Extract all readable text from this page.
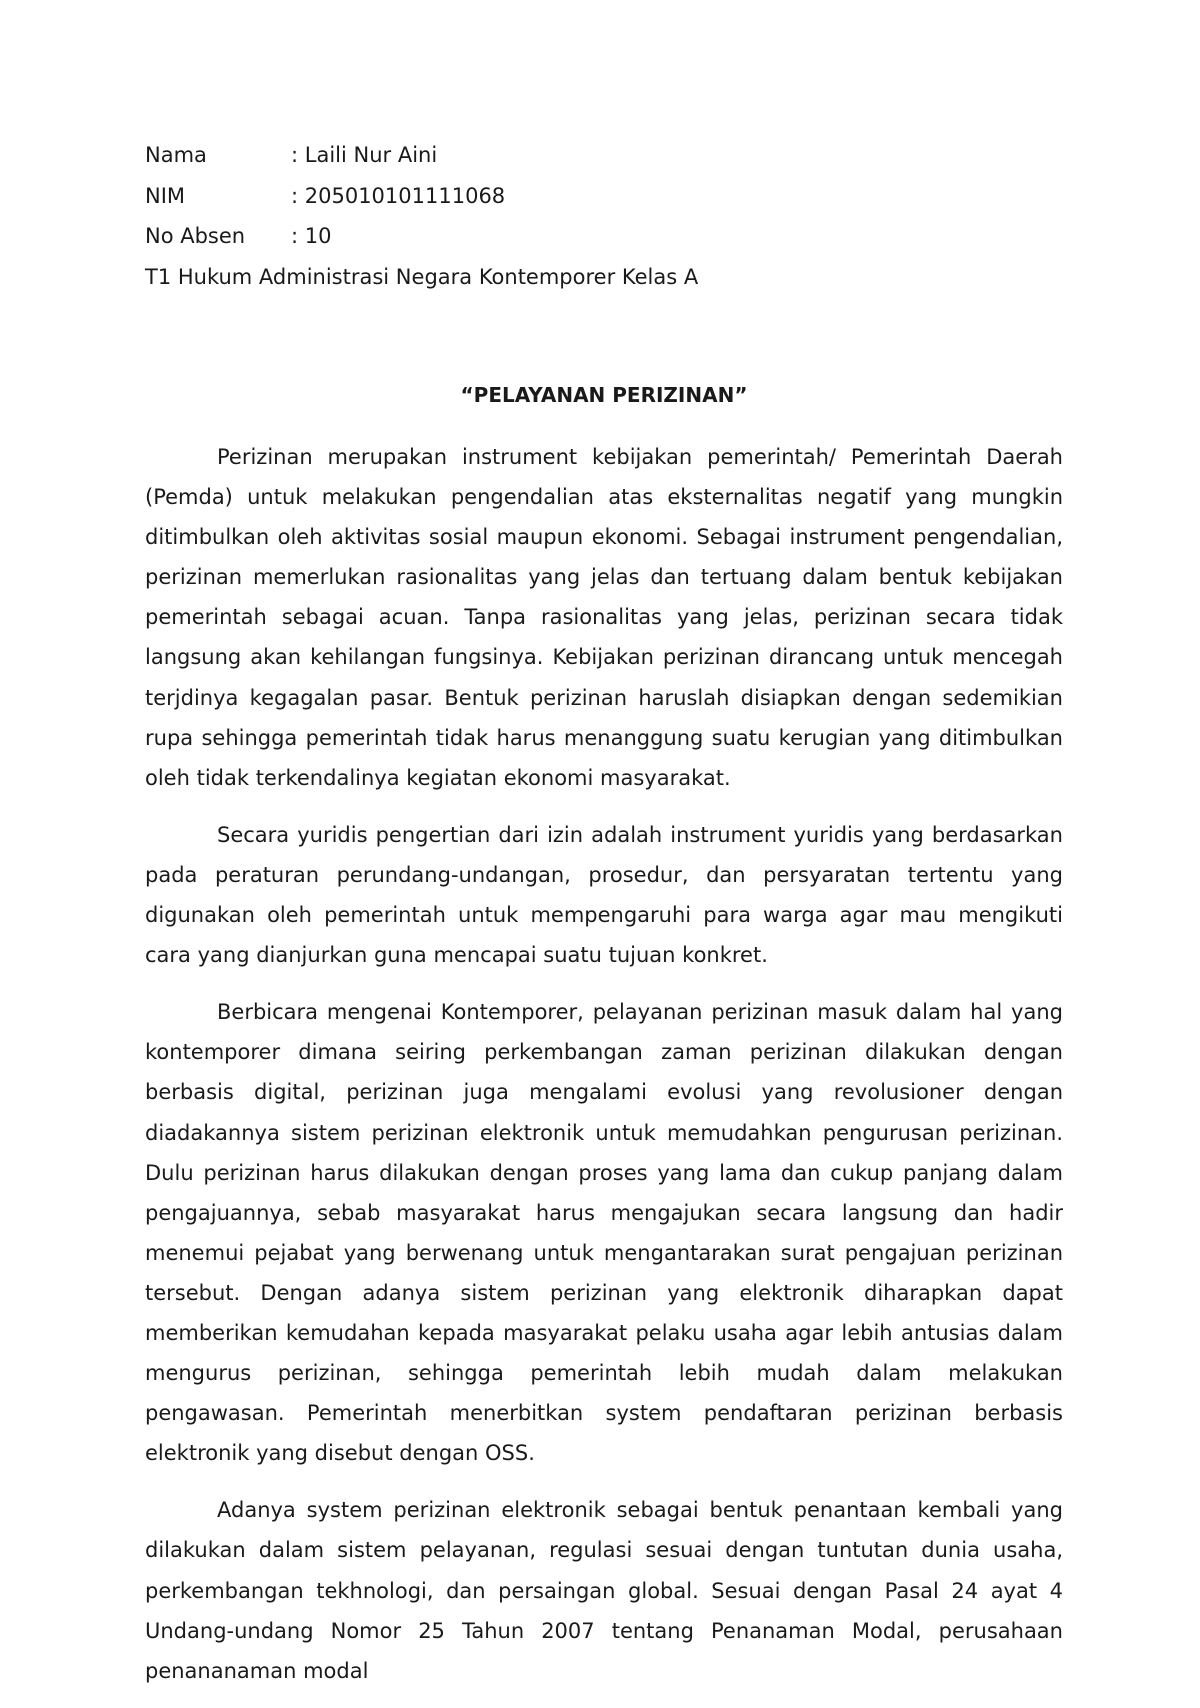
Nama	: Laili Nur Aini
NIM	: 205010101111068
No Absen	: 10
T1 Hukum Administrasi Negara Kontemporer Kelas A
“PELAYANAN PERIZINAN”

Perizinan merupakan instrument kebijakan pemerintah/ Pemerintah Daerah (Pemda) untuk melakukan pengendalian atas eksternalitas negatif yang mungkin ditimbulkan oleh aktivitas sosial maupun ekonomi. Sebagai instrument pengendalian, perizinan memerlukan rasionalitas yang jelas dan tertuang dalam bentuk kebijakan pemerintah sebagai acuan. Tanpa rasionalitas yang jelas, perizinan secara tidak langsung akan kehilangan fungsinya. Kebijakan perizinan dirancang untuk mencegah terjdinya kegagalan pasar. Bentuk perizinan haruslah disiapkan dengan sedemikian rupa sehingga pemerintah tidak harus menanggung suatu kerugian yang ditimbulkan oleh tidak terkendalinya kegiatan ekonomi masyarakat.

Secara yuridis pengertian dari izin adalah instrument yuridis yang berdasarkan pada peraturan perundang-undangan, prosedur, dan persyaratan tertentu yang digunakan oleh pemerintah untuk mempengaruhi para warga agar mau mengikuti cara yang dianjurkan guna mencapai suatu tujuan konkret.

Berbicara mengenai Kontemporer, pelayanan perizinan masuk dalam hal yang kontemporer dimana seiring perkembangan zaman perizinan dilakukan dengan berbasis digital, perizinan juga mengalami evolusi yang revolusioner dengan diadakannya sistem perizinan elektronik untuk memudahkan pengurusan perizinan. Dulu perizinan harus dilakukan dengan proses yang lama dan cukup panjang dalam pengajuannya, sebab masyarakat harus mengajukan secara langsung dan hadir menemui pejabat yang berwenang untuk mengantarakan surat pengajuan perizinan tersebut. Dengan adanya sistem perizinan yang elektronik diharapkan dapat memberikan kemudahan kepada masyarakat pelaku usaha agar lebih antusias dalam mengurus perizinan, sehingga pemerintah lebih mudah dalam melakukan pengawasan. Pemerintah menerbitkan system pendaftaran perizinan berbasis elektronik yang disebut dengan OSS.

Adanya system perizinan elektronik sebagai bentuk penantaan kembali yang dilakukan dalam sistem pelayanan, regulasi sesuai dengan tuntutan dunia usaha, perkembangan tekhnologi, dan persaingan global. Sesuai dengan Pasal 24 ayat 4 Undang-undang Nomor 25 Tahun 2007 tentang Penanaman Modal, perusahaan penananaman modal
